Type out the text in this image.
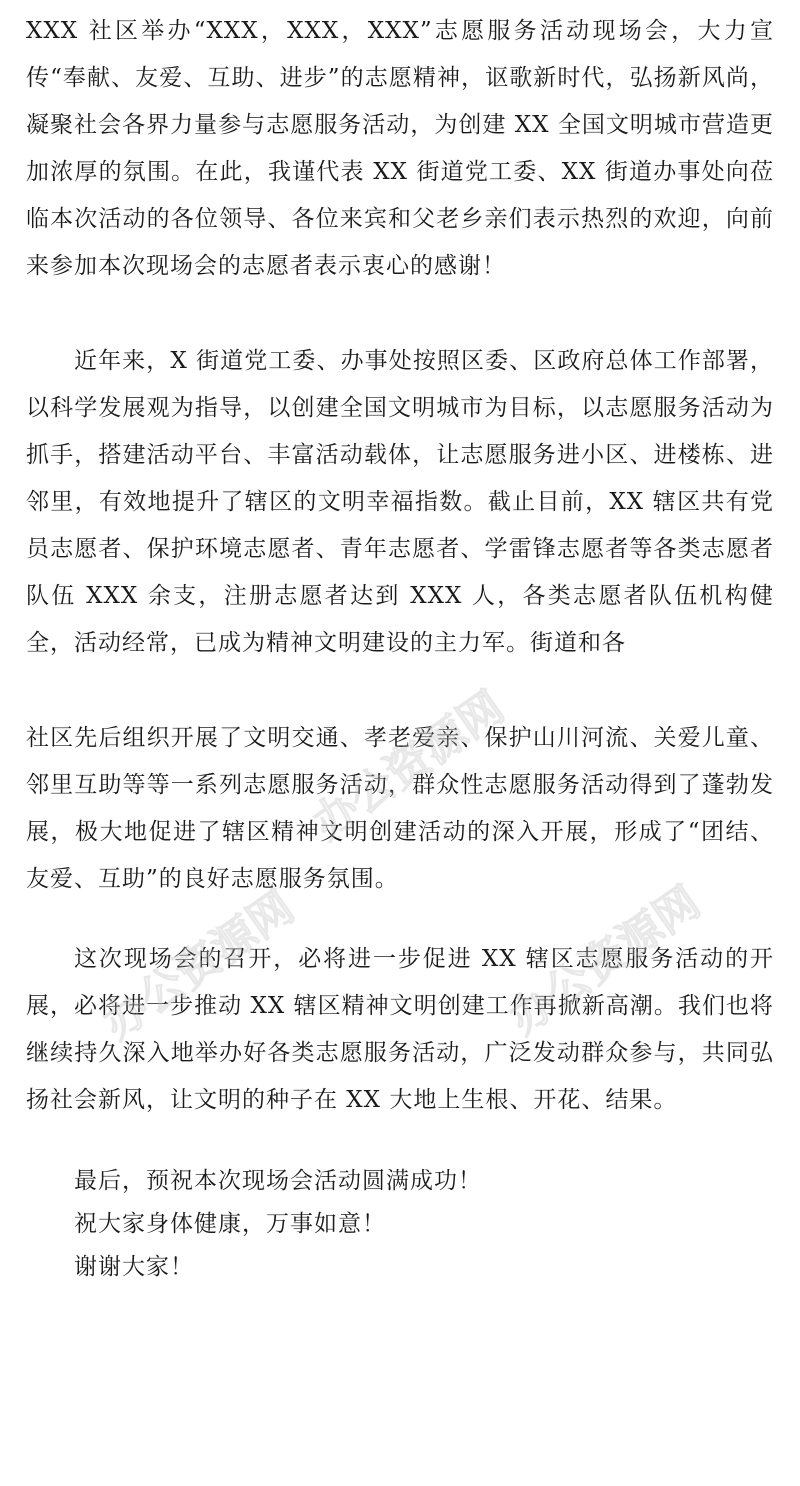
XXX 社区举办“XXX，XXX，XXX”志愿服务活动现场会，大力宣传“奉献、友爱、互助、进步”的志愿精神，讴歌新时代，弘扬新风尚，凝聚社会各界力量参与志愿服务活动，为创建 XX 全国文明城市营造更加浓厚的氛围。在此，我谨代表 XX 街道党工委、XX 街道办事处向莅临本次活动的各位领导、各位来宾和父老乡亲们表示热烈的欢迎，向前来参加本次现场会的志愿者表示衷心的感谢！

近年来，X 街道党工委、办事处按照区委、区政府总体工作部署，以科学发展观为指导，以创建全国文明城市为目标，以志愿服务活动为抓手，搭建活动平台、丰富活动载体，让志愿服务进小区、进楼栋、进邻里，有效地提升了辖区的文明幸福指数。截止目前，XX 辖区共有党员志愿者、保护环境志愿者、青年志愿者、学雷锋志愿者等各类志愿者队伍 XXX 余支，注册志愿者达到 XXX 人，各类志愿者队伍机构健全，活动经常，已成为精神文明建设的主力军。街道和各

社区先后组织开展了文明交通、孝老爱亲、保护山川河流、关爱儿童、邻里互助等等一系列志愿服务活动，群众性志愿服务活动得到了蓬勃发展，极大地促进了辖区精神文明创建活动的深入开展，形成了“团结、友爱、互助”的良好志愿服务氛围。

这次现场会的召开，必将进一步促进 XX 辖区志愿服务活动的开展，必将进一步推动 XX 辖区精神文明创建工作再掀新高潮。我们也将继续持久深入地举办好各类志愿服务活动，广泛发动群众参与，共同弘扬社会新风，让文明的种子在 XX 大地上生根、开花、结果。

最后，预祝本次现场会活动圆满成功！

祝大家身体健康，万事如意！

谢谢大家！

办公资源网
办公资源网	办公资源网
